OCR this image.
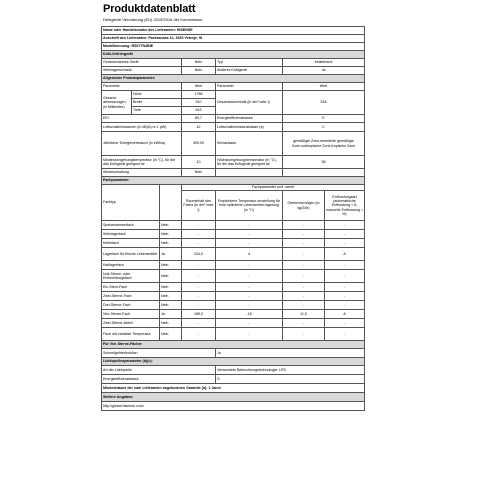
Produktdatenblatt
Delegierte Verordnung (EU) 2019/2016 der Kommission
Name oder Handelsmarke des Lieferanten: HISENSE						
Anschrift des Lieferanten: Partizanska 12, 3320 Velenje, SI						
Modellkennung: RS677N4BIE						
Kühl-Gefriergerät						
Geräuscharmes Gerät			Nein	Typ	freistehend	
Weinlagerschrank			Nein	Anderes Kühlgerät	Ja	
Allgemeine Produktparameter:						
Parameter			Wert	Parameter	Wert	
Gesamt-abmessungen (in Millimeter)	Höhe		1786	Gesamtrauminhalt (in dm³ oder l)	518	
	Breite		910			
	Tiefe		643			
EEI			89,7	Energieeffizienzklasse	E	
Luftschallemissionen (in dB(A) re 1 pW)			42	Luftschallemissionsklasse (a)	C	
Jährlicher Energieverbrauch (in kWh/a)			309,00	Klimaklasse	gemäßigte Zone,erweiterte gemäßigte Zone,subtropische Zone,tropische Zone	
Mindestumgebungstemperatur (in °C), für die das Kühlgerät geeignet ist			10	Höchstumgebungstemperatur (in °C), für die das Kühlgerät geeignet ist	38	
Winterschaltung			Nein			
Fachparameter						
Fachtyp			Fachparameter und -werte			
			Rauminhalt des Fachs (in dm³ oder l)	Empfohlene Temperatur-einstellung für eine optimierte Lebensmittel-lagerung (in °C)	Gefriervermögen (in kg/24h)	Entfrostungsart (automatische Entfrostung = A, manuelle Entfrostung = M)
Speisekammerfach		Nein	-	-	-	-
Weinlagerfach		Nein	-	-	-	-
Kellerfach		Nein	-	-	-	-
Lagerfach für frische Lebensmittel		Ja	334,0	4	-	A
Kaltlagerfach		Nein	-	-	-	-
Null-Sterne- oder Eisbereitungsfach		Nein	-	-	-	-
Ein-Stern-Fach		Nein	-	-	-	-
Zwei-Sterne-Fach		Nein	-	-	-	-
Drei-Sterne-Fach		Nein	-	-	-	-
Vier-Sterne-Fach		Ja	185,0	-18	11,0	A
Zwei-Sterne-Abteil		Nein	-	-	-	-
Fach mit variabler Temperatur		Nein	-	-	-	-
Für Vier-Sterne-Fächer						
Schnellgefrierfunktion				Ja		
Lichtquellenparameter (b)(c):						
Art der Lichtquelle				Verwendete Beleuchtungstechnologie: LED		
Energieeffizienzklasse				G		
Mindestdauer der vom Lieferanten angebotenen Garantie (b): 1 Jahre						
Weitere Angaben:						
http://global.hisense.com/						
